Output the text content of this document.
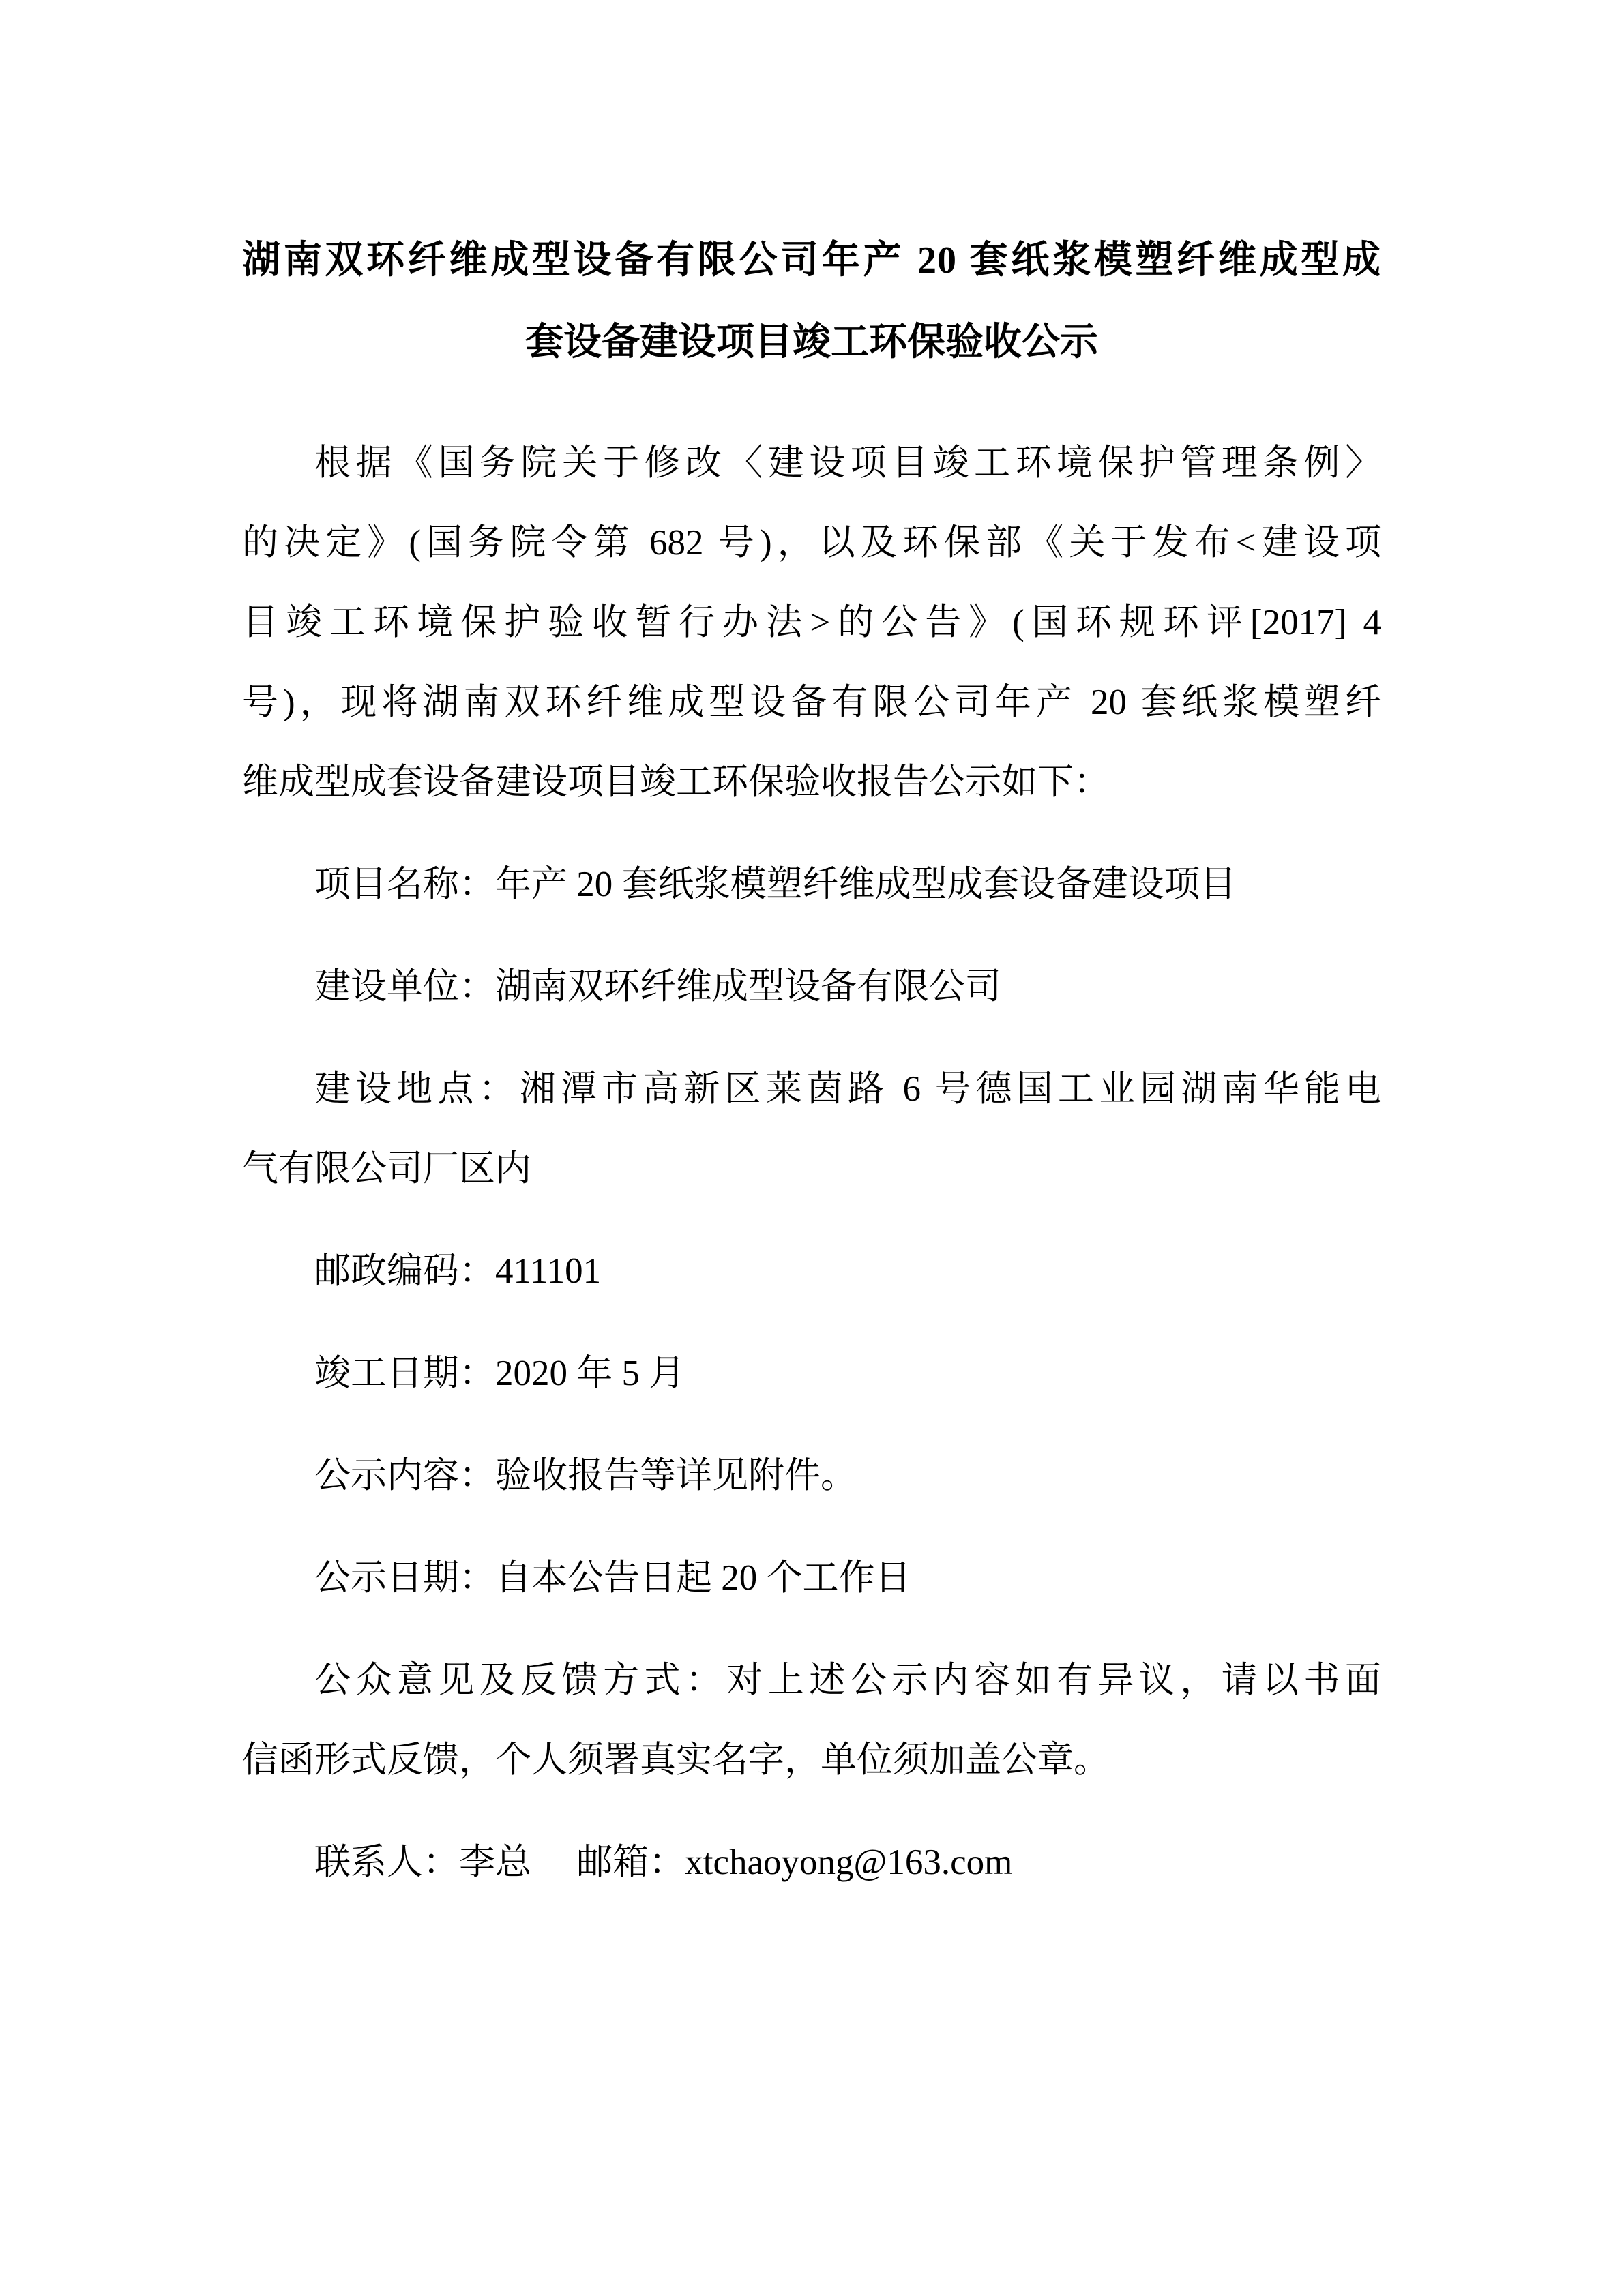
湖南双环纤维成型设备有限公司年产 20 套纸浆模塑纤维成型成
套设备建设项目竣工环保验收公示
根据《国务院关于修改〈建设项目竣工环境保护管理条例〉
的决定》(国务院令第 682 号)，以及环保部《关于发布<建设项
目竣工环境保护验收暂行办法>的公告》(国环规环评[2017] 4
号)，现将湖南双环纤维成型设备有限公司年产 20 套纸浆模塑纤
维成型成套设备建设项目竣工环保验收报告公示如下：
项目名称：年产 20 套纸浆模塑纤维成型成套设备建设项目
建设单位：湖南双环纤维成型设备有限公司
建设地点：湘潭市高新区莱茵路 6 号德国工业园湖南华能电
气有限公司厂区内
邮政编码：411101
竣工日期：2020 年 5 月
公示内容：验收报告等详见附件。
公示日期：自本公告日起 20 个工作日
公众意见及反馈方式：对上述公示内容如有异议，请以书面
信函形式反馈，个人须署真实名字，单位须加盖公章。
联系人：李总　 邮箱：xtchaoyong@163.com
